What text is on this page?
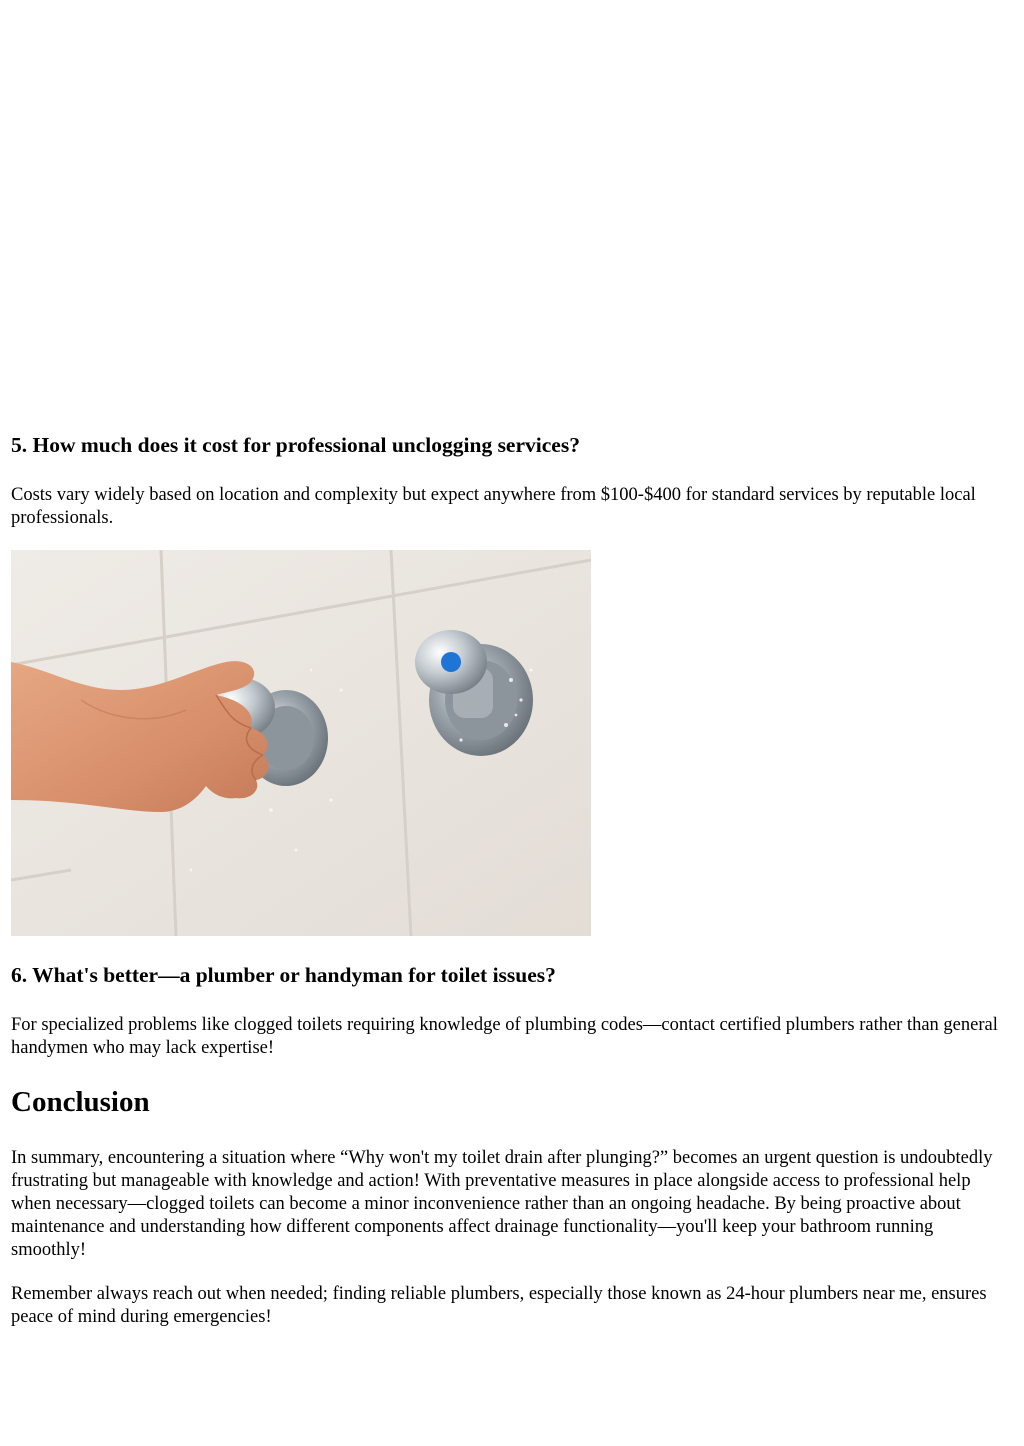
5. How much does it cost for professional unclogging services?

Costs vary widely based on location and complexity but expect anywhere from $100-$400 for standard services by reputable local professionals.

6. What's better—a plumber or handyman for toilet issues?

For specialized problems like clogged toilets requiring knowledge of plumbing codes—contact certified plumbers rather than general handymen who may lack expertise!

Conclusion

In summary, encountering a situation where “Why won't my toilet drain after plunging?” becomes an urgent question is undoubtedly frustrating but manageable with knowledge and action! With preventative measures in place alongside access to professional help when necessary—clogged toilets can become a minor inconvenience rather than an ongoing headache. By being proactive about maintenance and understanding how different components affect drainage functionality—you'll keep your bathroom running smoothly!

Remember always reach out when needed; finding reliable plumbers, especially those known as 24-hour plumbers near me, ensures peace of mind during emergencies!
